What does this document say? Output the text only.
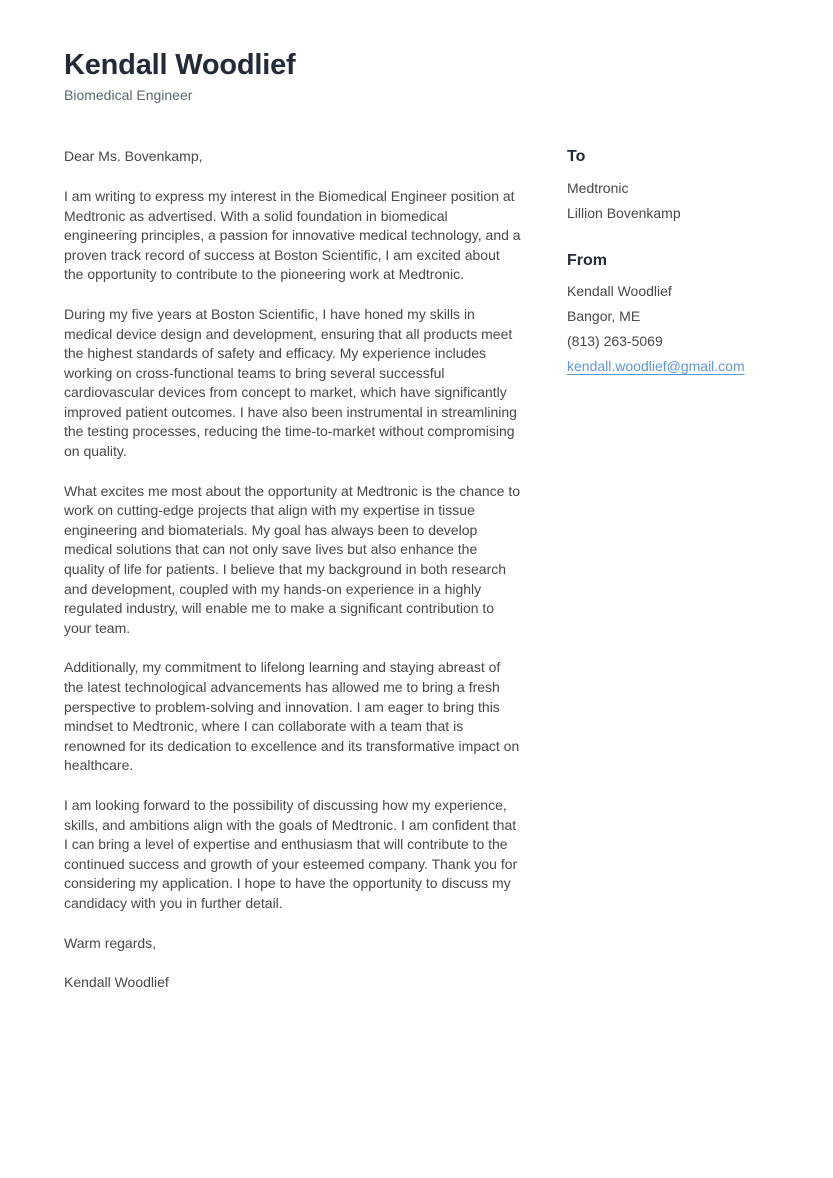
Kendall Woodlief
Biomedical Engineer

Dear Ms. Bovenkamp,

I am writing to express my interest in the Biomedical Engineer position at Medtronic as advertised. With a solid foundation in biomedical engineering principles, a passion for innovative medical technology, and a proven track record of success at Boston Scientific, I am excited about the opportunity to contribute to the pioneering work at Medtronic.

During my five years at Boston Scientific, I have honed my skills in medical device design and development, ensuring that all products meet the highest standards of safety and efficacy. My experience includes working on cross-functional teams to bring several successful cardiovascular devices from concept to market, which have significantly improved patient outcomes. I have also been instrumental in streamlining the testing processes, reducing the time-to-market without compromising on quality.

What excites me most about the opportunity at Medtronic is the chance to work on cutting-edge projects that align with my expertise in tissue engineering and biomaterials. My goal has always been to develop medical solutions that can not only save lives but also enhance the quality of life for patients. I believe that my background in both research and development, coupled with my hands-on experience in a highly regulated industry, will enable me to make a significant contribution to your team.

Additionally, my commitment to lifelong learning and staying abreast of the latest technological advancements has allowed me to bring a fresh perspective to problem-solving and innovation. I am eager to bring this mindset to Medtronic, where I can collaborate with a team that is renowned for its dedication to excellence and its transformative impact on healthcare.

I am looking forward to the possibility of discussing how my experience, skills, and ambitions align with the goals of Medtronic. I am confident that I can bring a level of expertise and enthusiasm that will contribute to the continued success and growth of your esteemed company. Thank you for considering my application. I hope to have the opportunity to discuss my candidacy with you in further detail.

Warm regards,

Kendall Woodlief

To
Medtronic
Lillion Bovenkamp
From
Kendall Woodlief
Bangor, ME
(813) 263-5069
kendall.woodlief@gmail.com
